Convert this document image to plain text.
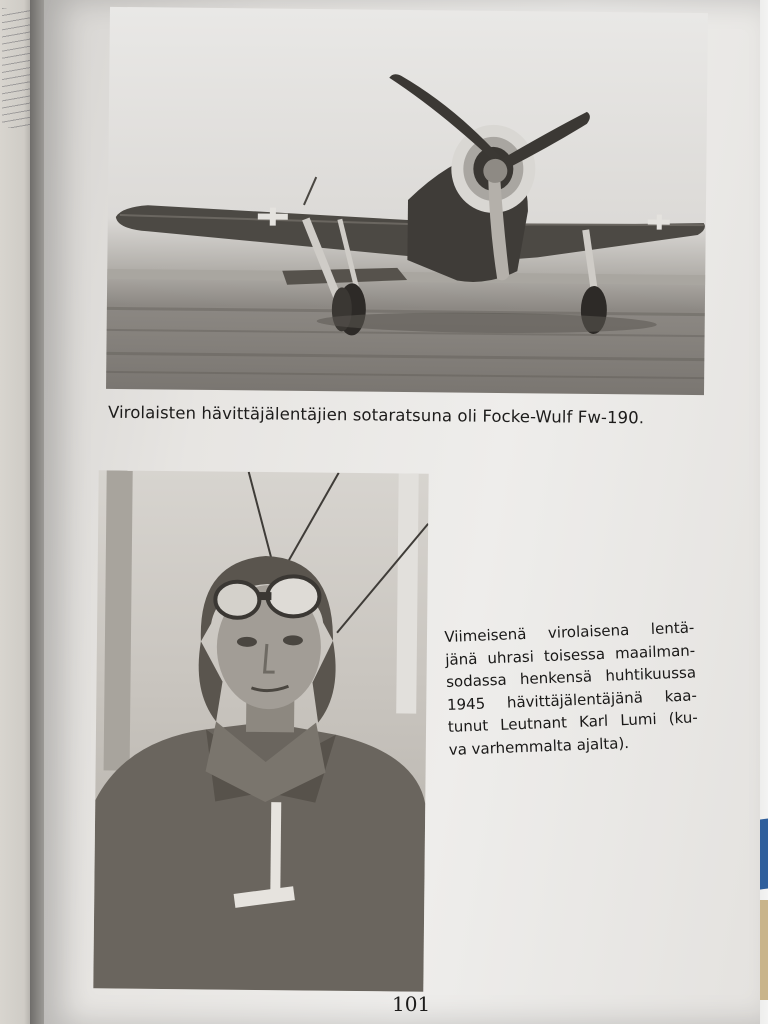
Virolaisten hävittäjälentäjien sotaratsuna oli Focke-Wulf Fw-190.
Viimeisenä virolaisena lentä-
jänä uhrasi toisessa maailman-
sodassa henkensä huhtikuussa
1945 hävittäjälentäjänä kaa-
tunut Leutnant Karl Lumi (ku-
va varhemmalta ajalta).
101
